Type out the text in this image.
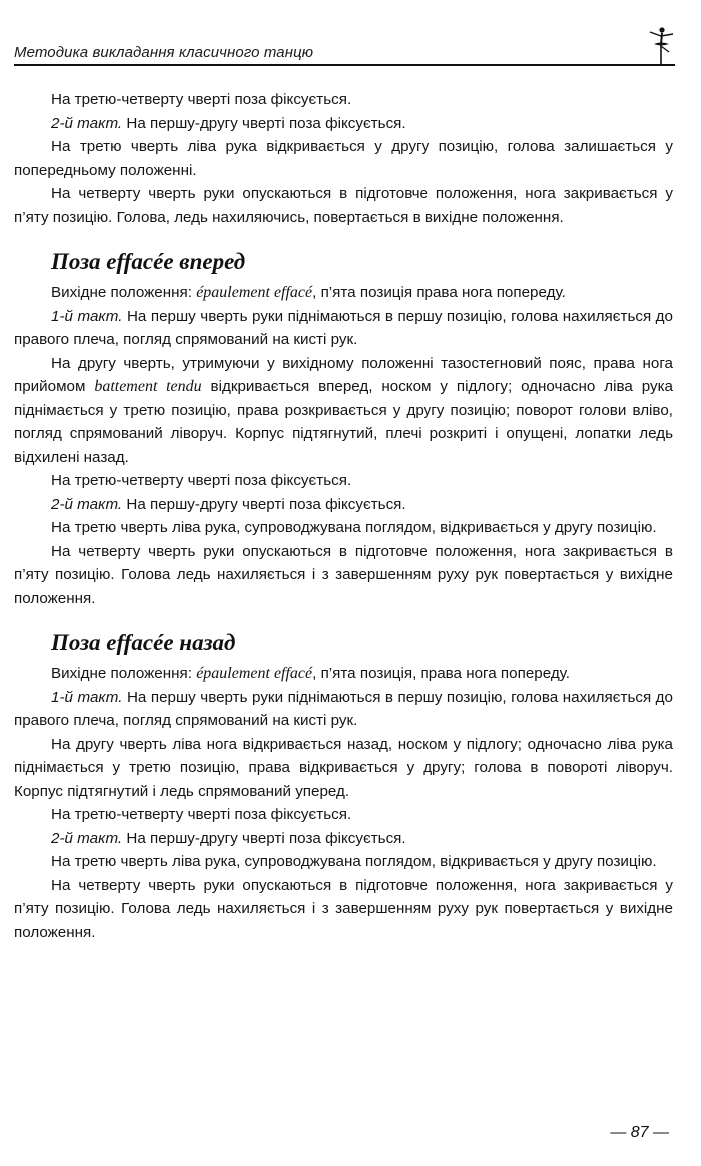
Методика викладання класичного танцю

На третю-четверту чверті поза фіксується.

2-й такт. На першу-другу чверті поза фіксується.

На третю чверть ліва рука відкривається у другу позицію, голова залишається у попередньому положенні.

На четверту чверть руки опускаються в підготовче положення, нога закривається у п’яту позицію. Голова, ледь нахиляючись, повертається в вихідне положення.

Поза effacée вперед

Вихідне положення: épaulement effacé, п’ята позиція права нога попереду.

1-й такт. На першу чверть руки піднімаються в першу позицію, голова нахиляється до правого плеча, погляд спрямований на кисті рук.

На другу чверть, утримуючи у вихідному положенні тазостегновий пояс, права нога прийомом battement tendu відкривається вперед, носком у підлогу; одночасно ліва рука піднімається у третю позицію, права розкривається у другу позицію; поворот голови вліво, погляд спрямований ліворуч. Корпус підтягнутий, плечі розкриті і опущені, лопатки ледь відхилені назад.

На третю-четверту чверті поза фіксується.

2-й такт. На першу-другу чверті поза фіксується.

На третю чверть ліва рука, супроводжувана поглядом, відкривається у другу позицію.

На четверту чверть руки опускаються в підготовче положення, нога закривається в п’яту позицію. Голова ледь нахиляється і з завершенням руху рук повертається у вихідне положення.

Поза effacée назад

Вихідне положення: épaulement effacé, п’ята позиція, права нога попереду.

1-й такт. На першу чверть руки піднімаються в першу позицію, голова нахиляється до правого плеча, погляд спрямований на кисті рук.

На другу чверть ліва нога відкривається назад, носком у підлогу; одночасно ліва рука піднімається у третю позицію, права відкривається у другу; голова в повороті ліворуч. Корпус підтягнутий і ледь спрямований уперед.

На третю-четверту чверті поза фіксується.

2-й такт. На першу-другу чверті поза фіксується.

На третю чверть ліва рука, супроводжувана поглядом, відкривається у другу позицію.

На четверту чверть руки опускаються в підготовче положення, нога закривається у п’яту позицію. Голова ледь нахиляється і з завершенням руху рук повертається у вихідне положення.

— 87 —
